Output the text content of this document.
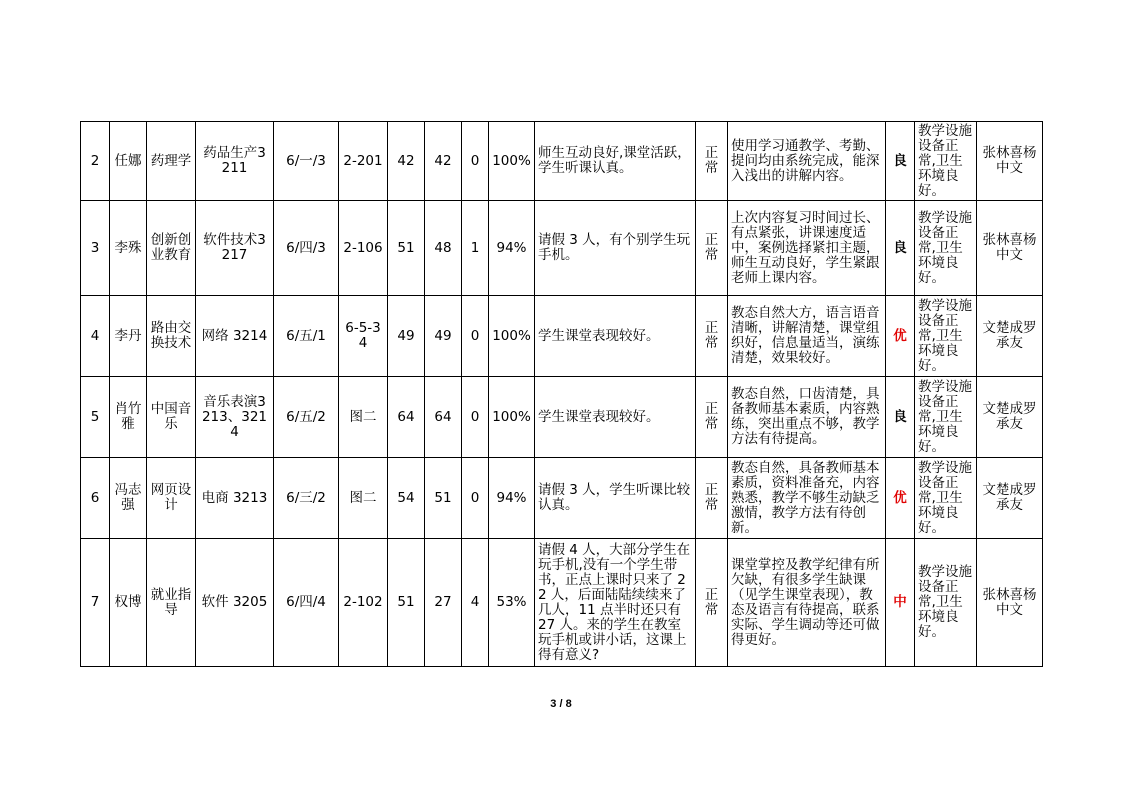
2	任娜	药理学	药品生产3211	6/一/3	2-201	42	42	0	100%	师生互动良好,课堂活跃，学生听课认真。	正常	使用学习通教学、考勤、提问均由系统完成，能深入浅出的讲解内容。	良	教学设施设备正常,卫生环境良好。	张林喜杨中文
3	李殊	创新创业教育	软件技术3217	6/四/3	2-106	51	48	1	94%	请假 3 人，有个别学生玩手机。	正常	上次内容复习时间过长、有点紧张，讲课速度适中，案例选择紧扣主题，师生互动良好，学生紧跟老师上课内容。	良	教学设施设备正常,卫生环境良好。	张林喜杨中文
4	李丹	路由交换技术	网络 3214	6/五/1	6-5-34	49	49	0	100%	学生课堂表现较好。	正常	教态自然大方，语言语音清晰，讲解清楚，课堂组织好，信息量适当，演练清楚，效果较好。	优	教学设施设备正常,卫生环境良好。	文楚成罗承友
5	肖竹雅	中国音乐	音乐表演3213、3214	6/五/2	图二	64	64	0	100%	学生课堂表现较好。	正常	教态自然，口齿清楚，具备教师基本素质，内容熟练，突出重点不够，教学方法有待提高。	良	教学设施设备正常,卫生环境良好。	文楚成罗承友
6	冯志强	网页设计	电商 3213	6/三/2	图二	54	51	0	94%	请假 3 人，学生听课比较认真。	正常	教态自然，具备教师基本素质，资料准备充，内容熟悉，教学不够生动缺乏激情，教学方法有待创新。	优	教学设施设备正常,卫生环境良好。	文楚成罗承友
7	权博	就业指导	软件 3205	6/四/4	2-102	51	27	4	53%	请假 4 人，大部分学生在玩手机,没有一个学生带书，正点上课时只来了 22 人，后面陆陆续续来了几人，11 点半时还只有 27 人。来的学生在教室玩手机或讲小话，这课上得有意义?	正常	课堂掌控及教学纪律有所欠缺，有很多学生缺课（见学生课堂表现），教态及语言有待提高，联系实际、学生调动等还可做得更好。	中	教学设施设备正常,卫生环境良好。	张林喜杨中文
3 / 8
